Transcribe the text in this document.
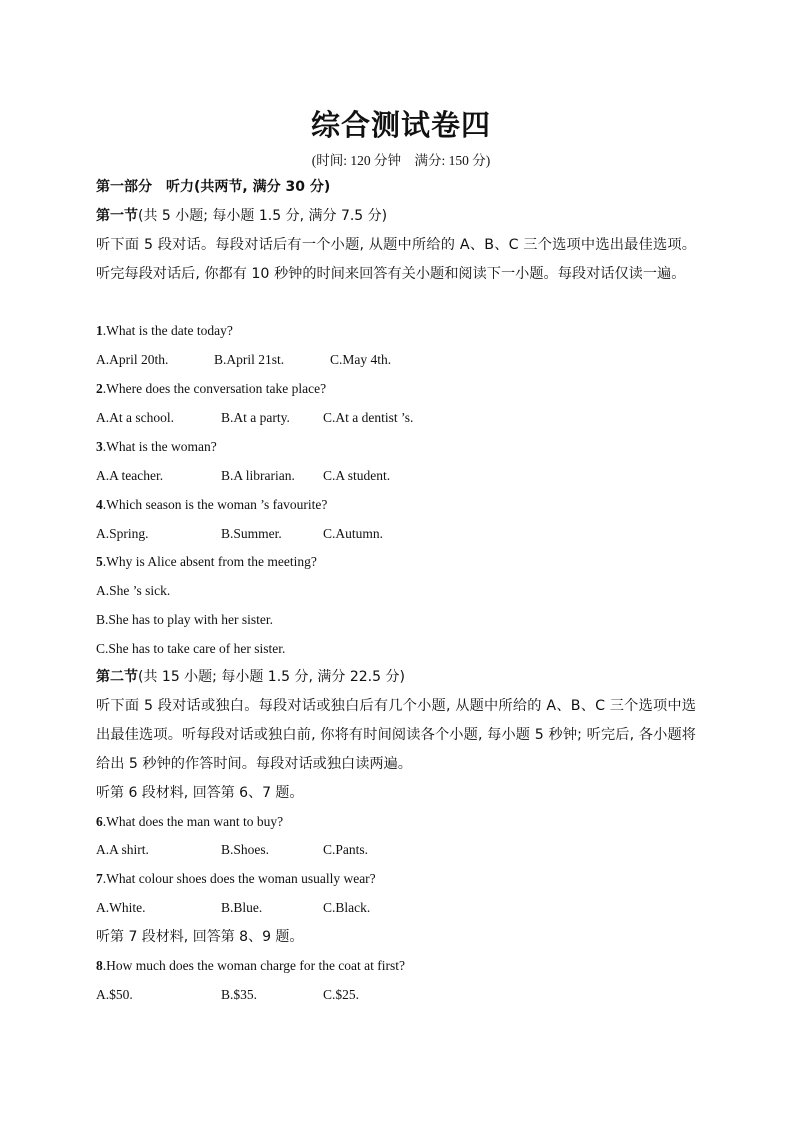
综合测试卷四
(时间: 120 分钟　满分: 150 分)
第一部分　听力(共两节, 满分 30 分)
第一节(共 5 小题; 每小题 1.5 分, 满分 7.5 分)
听下面 5 段对话。每段对话后有一个小题, 从题中所给的 A、B、C 三个选项中选出最佳选项。听完每段对话后, 你都有 10 秒钟的时间来回答有关小题和阅读下一小题。每段对话仅读一遍。
1.What is the date today?
A.April 20th.	B.April 21st.	C.May 4th.
2.Where does the conversation take place?
A.At a school.	B.At a party. C.At a dentist ’s.
3.What is the woman?
A.A teacher.	B.A librarian. C.A student.
4.Which season is the woman ’s favourite?
A.Spring.	B.Summer.	C.Autumn.
5.Why is Alice absent from the meeting?
A.She ’s sick.
B.She has to play with her sister.
C.She has to take care of her sister.
第二节(共 15 小题; 每小题 1.5 分, 满分 22.5 分)
听下面 5 段对话或独白。每段对话或独白后有几个小题, 从题中所给的 A、B、C 三个选项中选出最佳选项。听每段对话或独白前, 你将有时间阅读各个小题, 每小题 5 秒钟; 听完后, 各小题将给出 5 秒钟的作答时间。每段对话或独白读两遍。
听第 6 段材料, 回答第 6、7 题。
6.What does the man want to buy?
A.A shirt.	B.Shoes.	C.Pants.
7.What colour shoes does the woman usually wear?
A.White.	B.Blue.	C.Black.
听第 7 段材料, 回答第 8、9 题。
8.How much does the woman charge for the coat at first?
A.$50.	B.$35.	C.$25.
